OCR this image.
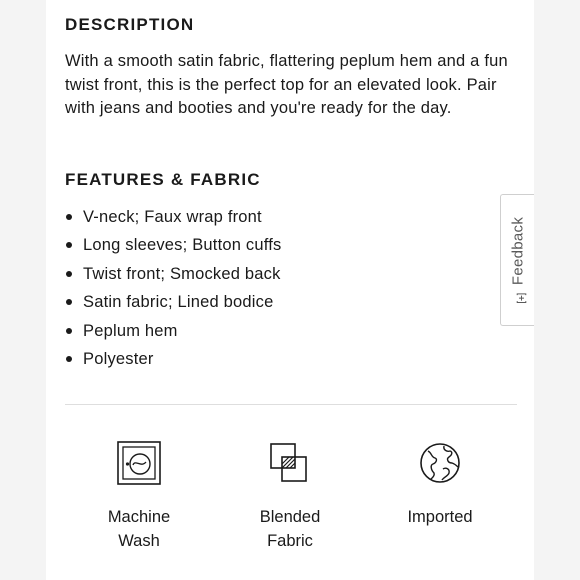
DESCRIPTION

With a smooth satin fabric, flattering peplum hem and a fun twist front, this is the perfect top for an elevated look. Pair with jeans and booties and you're ready for the day.

FEATURES & FABRIC
V-neck; Faux wrap front
Long sleeves; Button cuffs
Twist front; Smocked back
Satin fabric; Lined bodice
Peplum hem
Polyester
Machine
Wash
Blended
Fabric
Imported
Feedback
